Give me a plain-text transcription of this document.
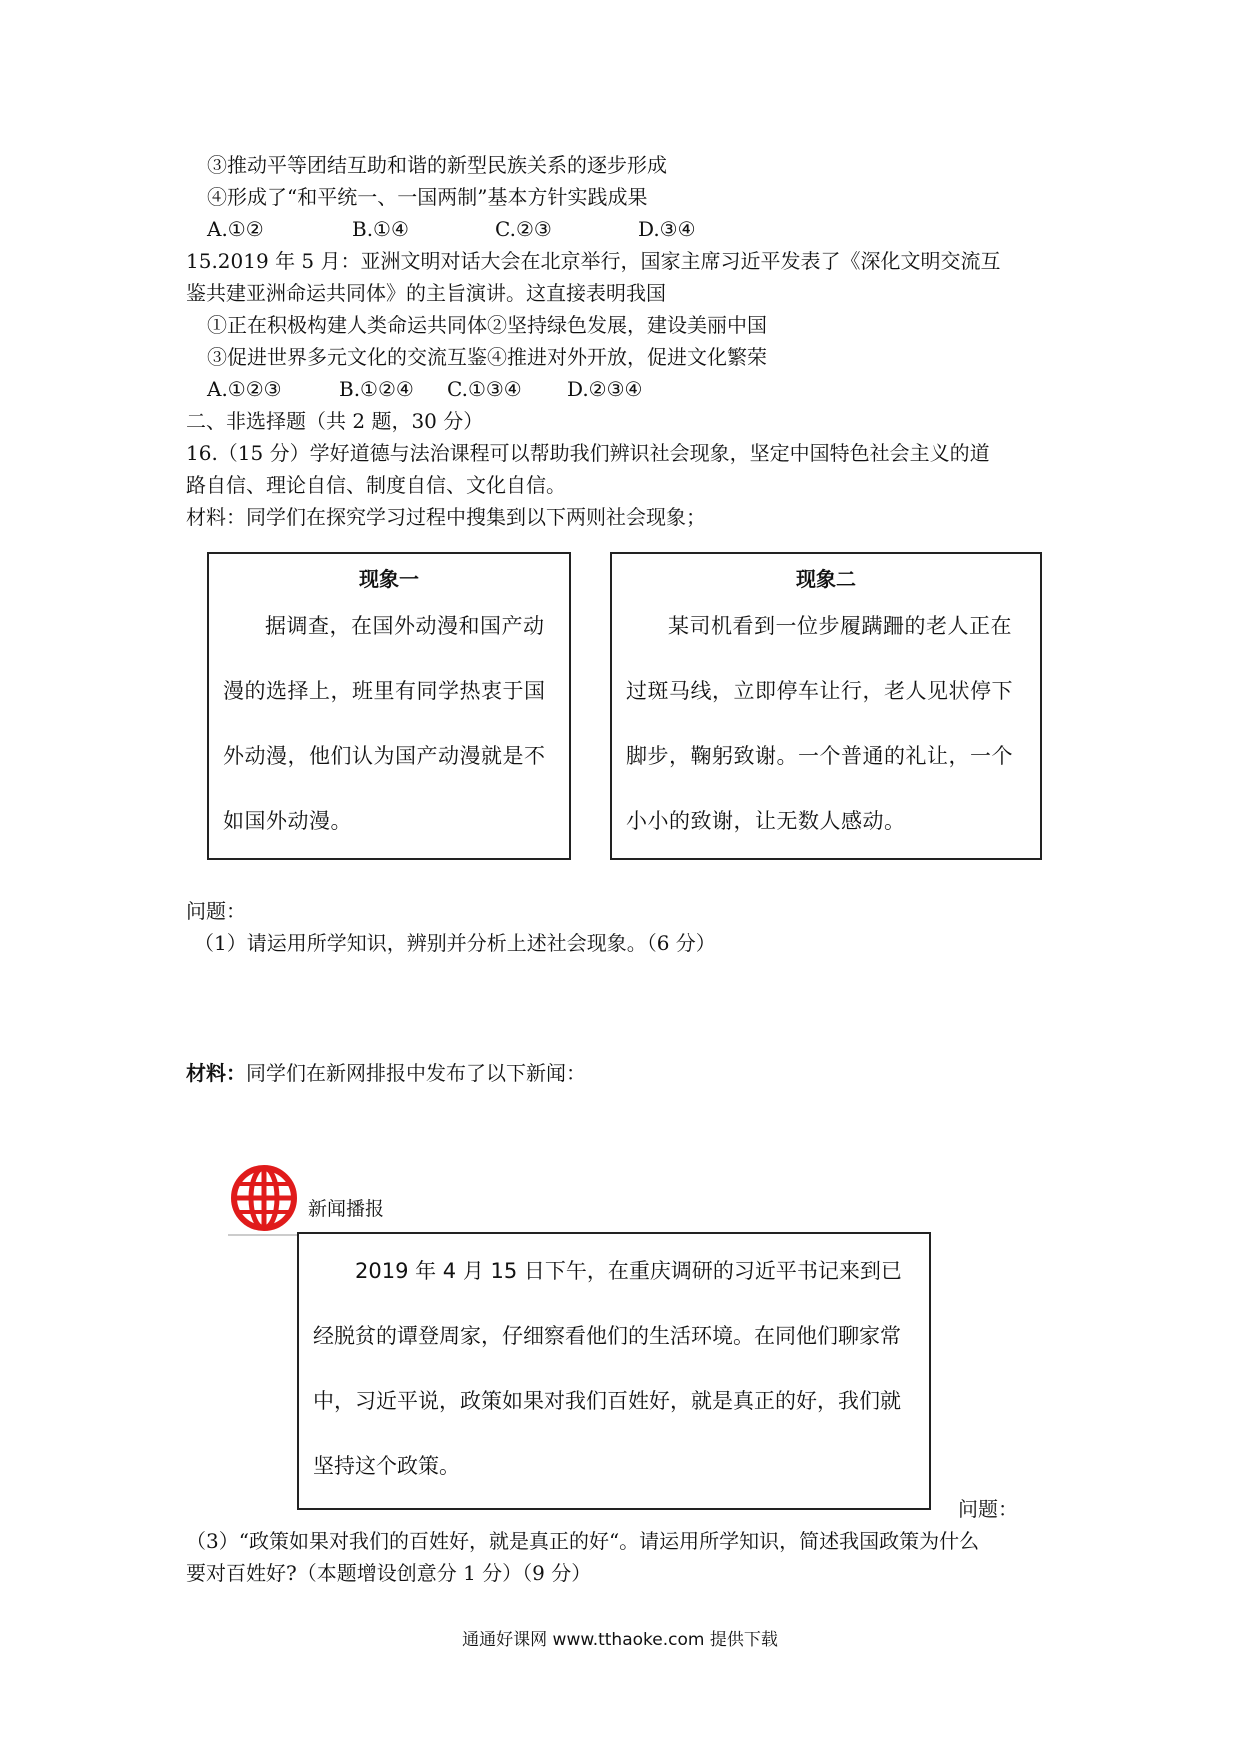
③推动平等团结互助和谐的新型民族关系的逐步形成
④形成了“和平统一、一国两制”基本方针实践成果
A.①②	B.①④	C.②③	D.③④
15.2019 年 5 月：亚洲文明对话大会在北京举行，国家主席习近平发表了《深化文明交流互
鉴共建亚洲命运共同体》的主旨演讲。这直接表明我国
①正在积极构建人类命运共同体②坚持绿色发展，建设美丽中国
③促进世界多元文化的交流互鉴④推进对外开放，促进文化繁荣
A.①②③	B.①②④ C.①③④ D.②③④
二、非选择题（共 2 题，30 分）
16.（15 分）学好道德与法治课程可以帮助我们辨识社会现象，坚定中国特色社会主义的道
路自信、理论自信、制度自信、文化自信。
材料：同学们在探究学习过程中搜集到以下两则社会现象；
现象一
据调查，在国外动漫和国产动漫的选择上，班里有同学热衷于国外动漫，他们认为国产动漫就是不如国外动漫。
现象二
某司机看到一位步履蹒跚的老人正在过斑马线，立即停车让行，老人见状停下脚步，鞠躬致谢。一个普通的礼让，一个小小的致谢，让无数人感动。
问题：
（1）请运用所学知识，辨别并分析上述社会现象。（6 分）
材料：同学们在新网排报中发布了以下新闻：
新闻播报
2019 年 4 月 15 日下午，在重庆调研的习近平书记来到已经脱贫的谭登周家，仔细察看他们的生活环境。在同他们聊家常中，习近平说，政策如果对我们百姓好，就是真正的好，我们就坚持这个政策。
问题：
（3）“政策如果对我们的百姓好，就是真正的好“。请运用所学知识，简述我国政策为什么
要对百姓好?（本题增设创意分 1 分）（9 分）
通通好课网 www.tthaoke.com 提供下载
